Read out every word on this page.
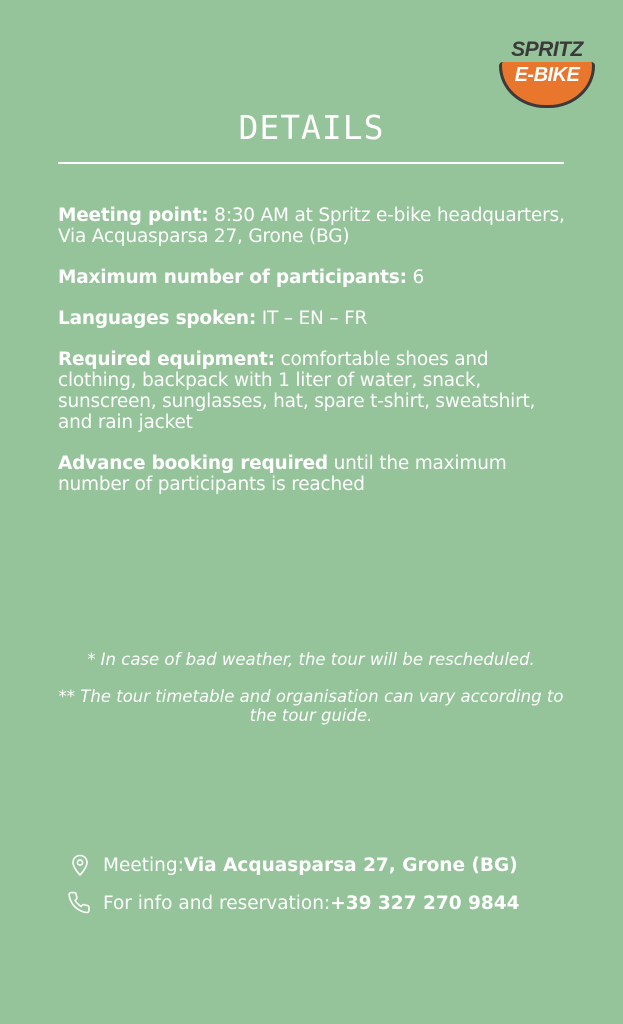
SPRITZ
E-BIKE
DETAILS

Meeting point: 8:30 AM at Spritz e-bike headquarters, Via Acquasparsa 27, Grone (BG)

Maximum number of participants: 6

Languages spoken: IT – EN – FR

Required equipment: comfortable shoes and clothing, backpack with 1 liter of water, snack, sunscreen, sunglasses, hat, spare t-shirt, sweatshirt, and rain jacket

Advance booking required until the maximum number of participants is reached

* In case of bad weather, the tour will be rescheduled.

** The tour timetable and organisation can vary according to the tour guide.

Meeting: Via Acquasparsa 27, Grone (BG)
For info and reservation: +39 327 270 9844
